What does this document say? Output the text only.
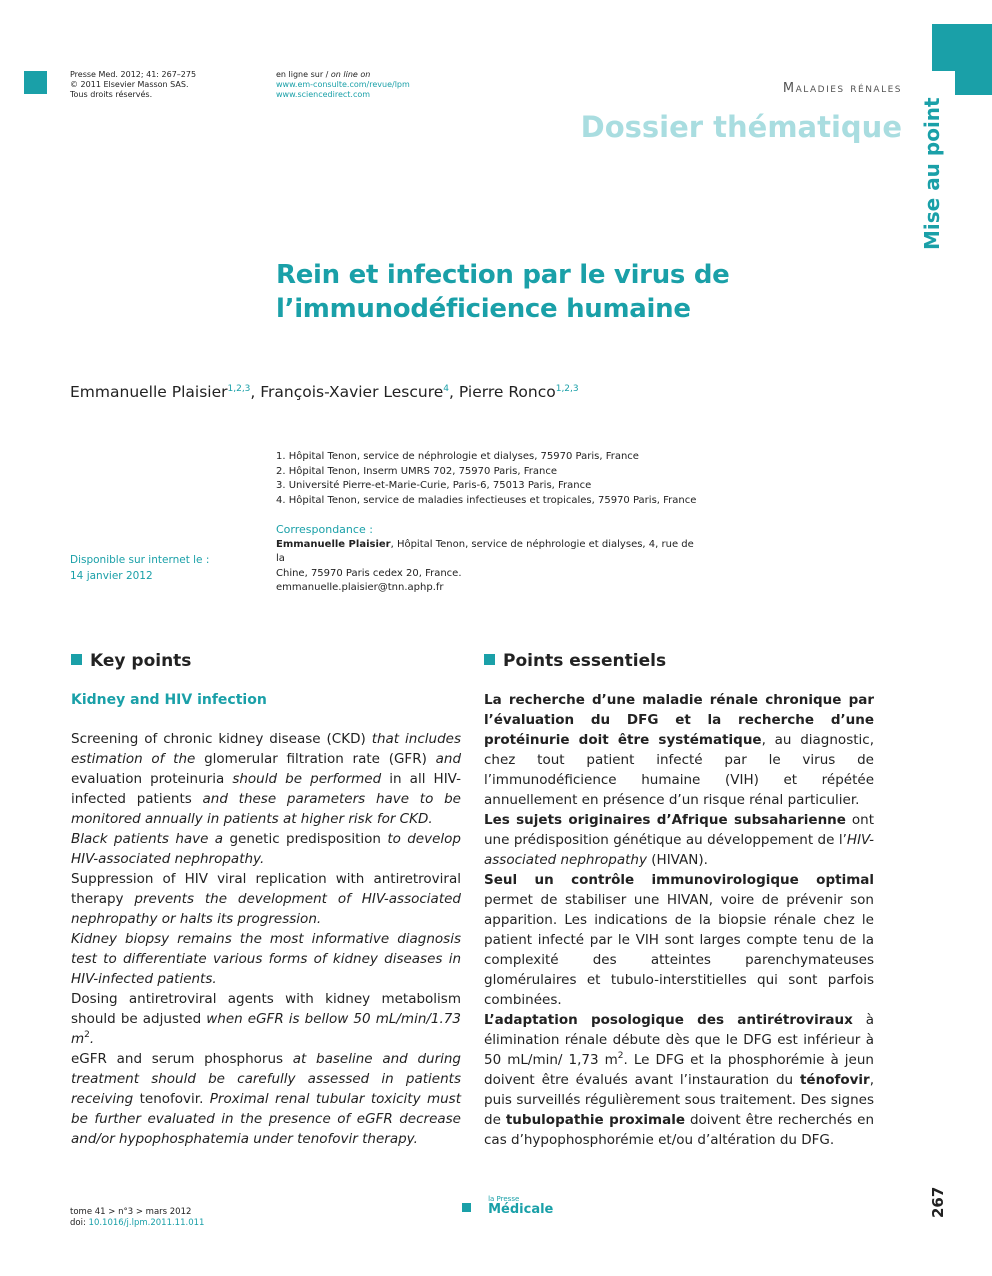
Presse Med. 2012; 41: 267–275
© 2011 Elsevier Masson SAS.
Tous droits réservés.
en ligne sur / on line on
www.em-consulte.com/revue/lpm
www.sciencedirect.com	Maladies rénales
Dossier thématique Mise au point
Rein et infection par le virus de
l’immunodéficience humaine
Emmanuelle Plaisier$^{1,2,3}$, François-Xavier Lescure$^4$, Pierre Ronco$^{1,2,3}$
1. Hôpital Tenon, service de néphrologie et dialyses, 75970 Paris, France
2. Hôpital Tenon, Inserm UMRS 702, 75970 Paris, France
3. Université Pierre-et-Marie-Curie, Paris-6, 75013 Paris, France
4. Hôpital Tenon, service de maladies infectieuses et tropicales, 75970 Paris, France
Correspondance :
Emmanuelle Plaisier, Hôpital Tenon, service de néphrologie et dialyses, 4, rue de la
Chine, 75970 Paris cedex 20, France.
emmanuelle.plaisier@tnn.aphp.fr
Disponible sur internet le :
14 janvier 2012
Key points
Kidney and HIV infection

Screening of chronic kidney disease (CKD) that includes estimation of the glomerular filtration rate (GFR) and evaluation proteinuria should be performed in all HIV-infected patients and these parameters have to be monitored annually in patients at higher risk for CKD.

Black patients have a genetic predisposition to develop HIV-associated nephropathy.

Suppression of HIV viral replication with antiretroviral therapy prevents the development of HIV-associated nephropathy or halts its progression.

Kidney biopsy remains the most informative diagnosis test to differentiate various forms of kidney diseases in HIV-infected patients.

Dosing antiretroviral agents with kidney metabolism should be adjusted when eGFR is bellow 50 mL/min/1.73 $m^2$.

eGFR and serum phosphorus at baseline and during treatment should be carefully assessed in patients receiving tenofovir. Proximal renal tubular toxicity must be further evaluated in the presence of eGFR decrease and/or hypophosphatemia under tenofovir therapy.

Points essentiels

La recherche d’une maladie rénale chronique par l’évaluation du DFG et la recherche d’une protéinurie doit être systématique, au diagnostic, chez tout patient infecté par le virus de l’immunodéficience humaine (VIH) et répétée annuellement en présence d’un risque rénal particulier.

Les sujets originaires d’Afrique subsaharienne ont une prédisposition génétique au développement de l’HIV-associated nephropathy (HIVAN).

Seul un contrôle immunovirologique optimal permet de stabiliser une HIVAN, voire de prévenir son apparition. Les indications de la biopsie rénale chez le patient infecté par le VIH sont larges compte tenu de la complexité des atteintes parenchymateuses glomérulaires et tubulo-interstitielles qui sont parfois combinées.

L’adaptation posologique des antirétroviraux à élimination rénale débute dès que le DFG est inférieur à 50 mL/min/ 1,73 $m^2$. Le DFG et la phosphorémie à jeun doivent être évalués avant l’instauration du ténofovir, puis surveillés régulièrement sous traitement. Des signes de tubulopathie proximale doivent être recherchés en cas d’hypophosphorémie et/ou d’altération du DFG.

tome 41 > n°3 > mars 2012
doi: 10.1016/j.lpm.2011.11.011

la Presse
Médicale	267
